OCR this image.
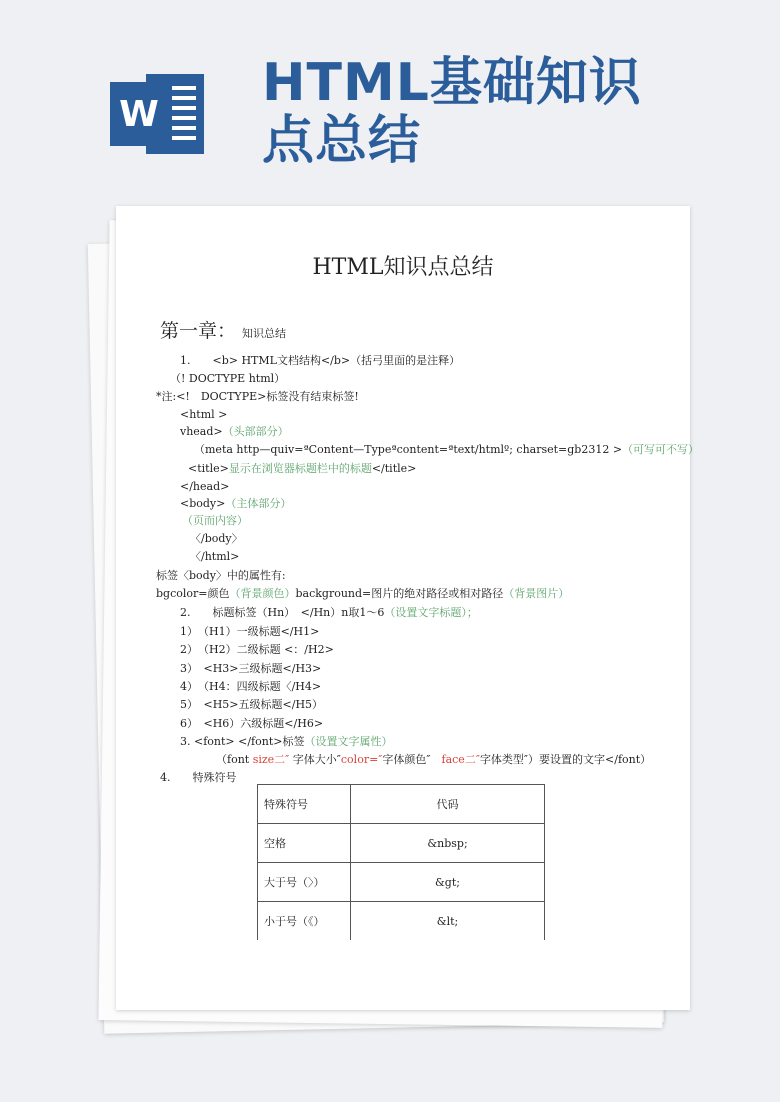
W
HTML基础知识点总结
HTML知识点总结
第一章： 知识总结
1.　　<b> HTML文档结构</b>（括弓里面的是注释）
（! DOCTYPE html）
*注:<!　DOCTYPE>标签没有结束标签!
<html >
vhead>（头部部分）
（meta http—quiv=ªContent—Typeªcontent=ªtext/htmlº; charset=gb2312 >（可写可不写）
<title>显示在浏览器标题栏中的标题</title>
</head>
<body>（主体部分）
（页而内容）
〈/body〉
〈/html>
标签〈body〉中的属性有:
bgcolor=颜色（背景颜色）background=图片的绝对路径或相对路径（背景图片）
2.　　标题标签（Hn）　</Hn）n取1〜6（设置文字标题）；
1）　（H1）一级标题</H1>
2）　（H2）二级标题 <：/H2>
3）　<H3>三级标题</H3>
4）　（H4：四级标题〈/H4>
5）　<H5>五级标题</H5）
6）　<H6）六级标题</H6>
3. <font> </font>标签（设置文字属性）
（font size二″ 字体大小″color=″字体颜色″　face二″字体类型″）要设置的文字</font）
4.　　特殊符号
特殊符号	代码
空格	&nbsp;
大于号（〉）	&gt;
小于号（《）	&lt;
